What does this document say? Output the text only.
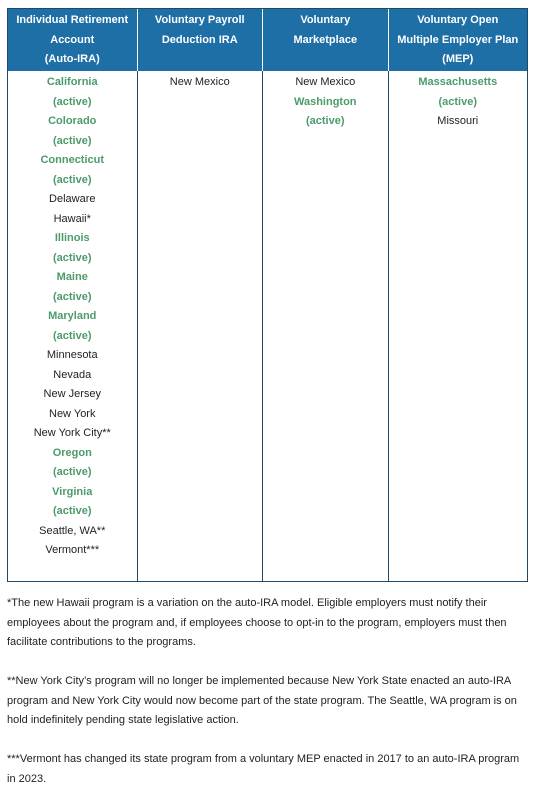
Individual Retirement
Account
(Auto-IRA)
Voluntary Payroll
Deduction IRA
Voluntary
Marketplace
Voluntary Open
Multiple Employer Plan
(MEP)
California
(active)
Colorado
(active)
Connecticut
(active)
Delaware
Hawaii*
Illinois
(active)
Maine
(active)
Maryland
(active)
Minnesota
Nevada
New Jersey
New York
New York City**
Oregon
(active)
Virginia
(active)
Seattle, WA**
Vermont***
New Mexico	New Mexico
Washington
(active)
Massachusetts
(active)
Missouri

*The new Hawaii program is a variation on the auto-IRA model. Eligible employers must notify their employees about the program and, if employees choose to opt-in to the program, employers must then facilitate contributions to the programs.

**New York City’s program will no longer be implemented because New York State enacted an auto-IRA program and New York City would now become part of the state program. The Seattle, WA program is on hold indefinitely pending state legislative action.

***Vermont has changed its state program from a voluntary MEP enacted in 2017 to an auto-IRA program in 2023.
